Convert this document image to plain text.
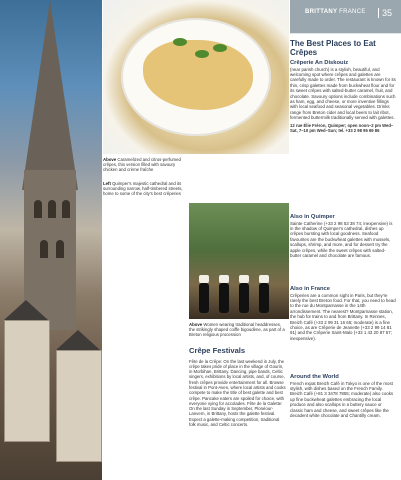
Above Caramelized and citrus-perfumed crêpes, this version filled with savoury chicken and crème fraîche
Left Quimper's majestic cathedral and its surrounding narrow, half-timbered streets, home to some of the city's best crêperies
Above Women wearing traditional headdresses, the strikingly shaped coiffe bigoudène, as part of a Breton religious procession
BRITTANY FRANCE	35
The Best Places to Eat Crêpes
Crêperie An Diskouiz
(near parish church) is a stylish, beautiful, and welcoming spot where crêpes and galettes are carefully made to order. The restaurant is known for its thin, crisp galettes made from buckwheat flour and for its sweet crêpes with salted-butter caramel, fruit, and chocolate. Savoury options include combinations such as ham, egg, and cheese, or more inventive fillings with local seafood and seasonal vegetables. Drinks range from Breton cider and local beers to lait ribot, fermented buttermilk traditionally served with galettes.
12 rue Élie Fréron, Quimper; open noon–2 pm Wed–Sat, 7–10 pm Wed–Sun; tel. +33 2 98 95 69 86
Also in Quimper
Sainte Catherine (+33 2 98 53 38 74; inexpensive) is in the shadow of Quimper's cathedral, dishes up crêpes bursting with local goodness. Seafood favourites are the buckwheat galettes with mussels, scallops, shrimp, and more, and for dessert try the apple crêpes, while the sweet crêpes with salted-butter caramel and chocolate are famous.
Also in France
Crêperies are a common sight in Paris, but they're rarely the best Breton food. For that, you need to head to the rue du Montparnasse in the 14th arrondissement. The nearest? Montparnasse station, the hub for trains to and from Brittany. In Rennes, Breizh Café (+33 2 99 31 16 65; moderate) is a fine choice, as are Crêperie de Jeanette (+33 2 99 14 81 91) and the Crêperie Saint-Malo (+33 1 43 20 87 57; inexpensive).
Around the World
French expat Breizh Café in Tokyo is one of the most stylish, with dishes based on the French Family. Breizh Café (+81 3 3478 7855; moderate) also cooks up fine buckwheat galettes embracing the local produce and also scallops in a buttery sauce or classic ham and cheese, and sweet crêpes like the decadent white chocolate and Chantilly cream.
Crêpe Festivals
Fête de la Crêpe: On the last weekend in July, the crêpe takes pride of place in the village of Gourin, in Morbihan, Brittany. Dancing, pipe bands, Celtic singers, exhibitions by local artists, and, of course, fresh crêpes provide entertainment for all. Browse festival in Pont-Aven, where local artists and cooks compete to make the title of best galette and best crêpe. Pancake eaters are spoiled for choice, with everyone vying for accolades. Fête de la Galette: On the last Sunday in September, Plonéour-Lanvern, in Brittany, hosts the galette festival. Expect a galette-making competition, traditional folk music, and Celtic concerts.
